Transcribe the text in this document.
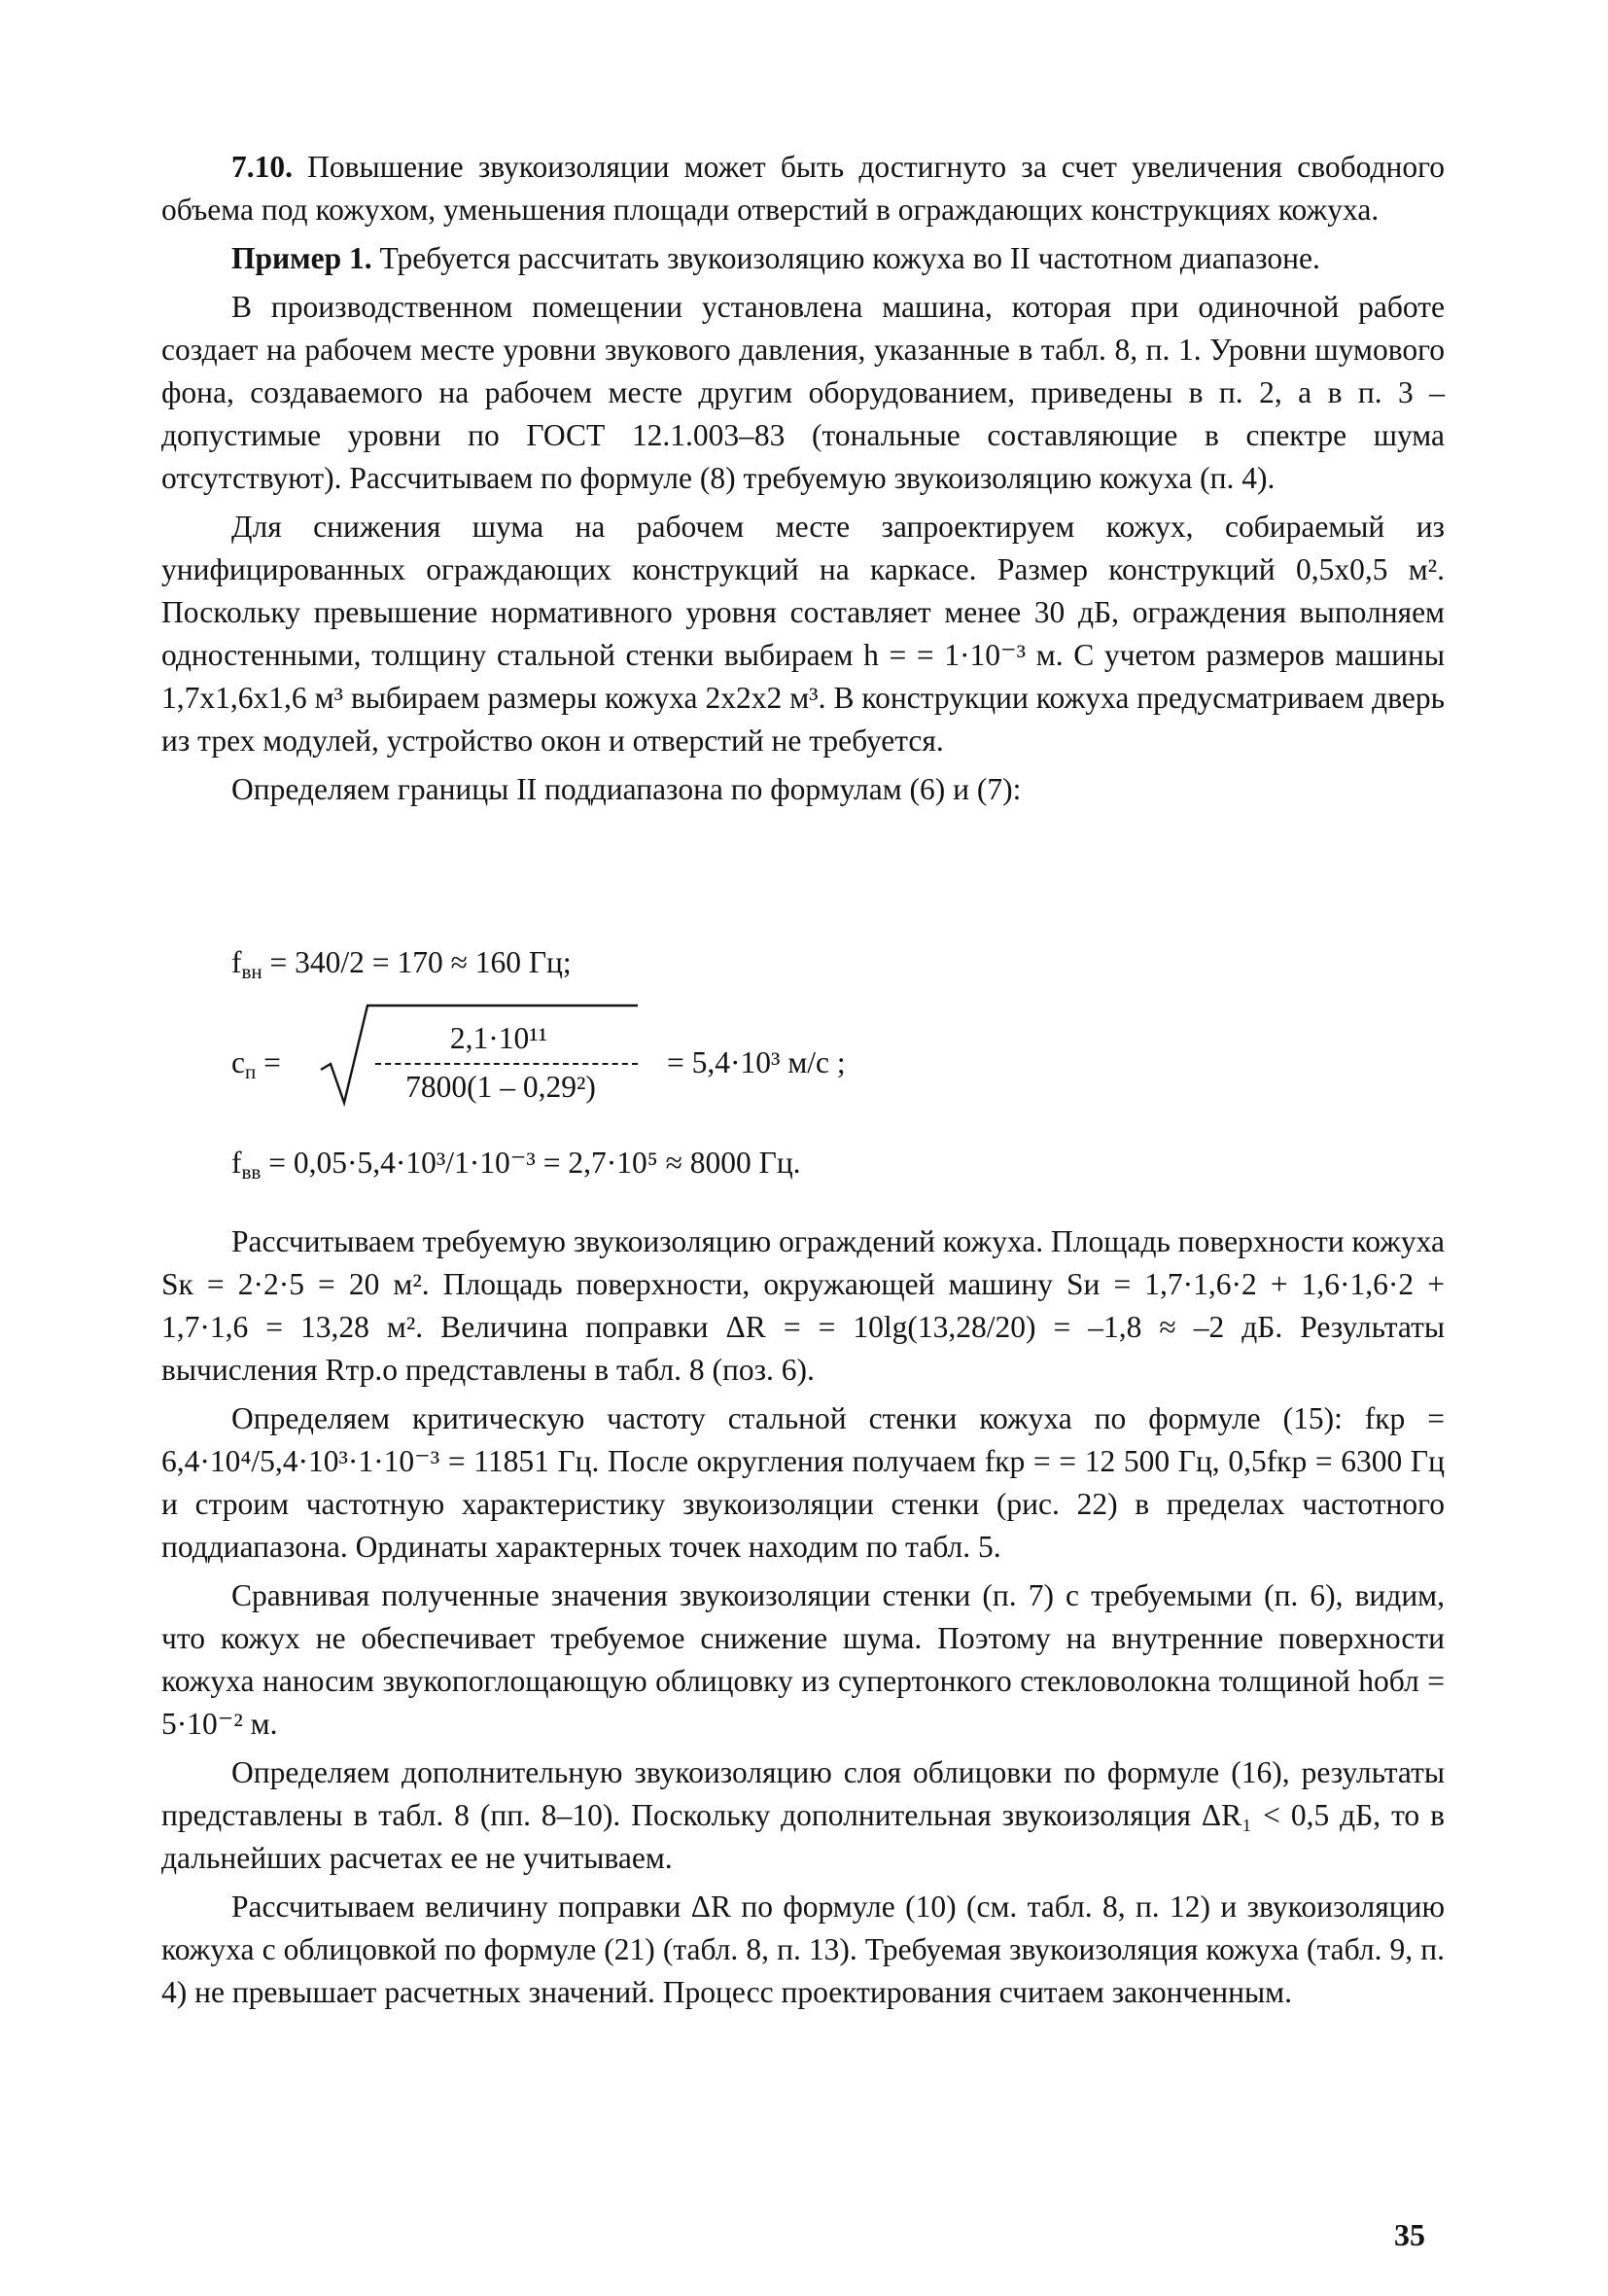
7.10. Повышение звукоизоляции может быть достигнуто за счет увеличения свободного объема под кожухом, уменьшения площади отверстий в ограждающих конструкциях кожуха.

Пример 1. Требуется рассчитать звукоизоляцию кожуха во II частотном диапазоне.

В производственном помещении установлена машина, которая при одиночной работе создает на рабочем месте уровни звукового давления, указанные в табл. 8, п. 1. Уровни шумового фона, создаваемого на рабочем месте другим оборудованием, приведены в п. 2, а в п. 3 – допустимые уровни по ГОСТ 12.1.003–83 (тональные составляющие в спектре шума отсутствуют). Рассчитываем по формуле (8) требуемую звукоизоляцию кожуха (п. 4).

Для снижения шума на рабочем месте запроектируем кожух, собираемый из унифицированных ограждающих конструкций на каркасе. Размер конструкций 0,5x0,5 м². Поскольку превышение нормативного уровня составляет менее 30 дБ, ограждения выполняем одностенными, толщину стальной стенки выбираем h = = 1·10⁻³ м. С учетом размеров машины 1,7x1,6x1,6 м³ выбираем размеры кожуха 2x2x2 м³. В конструкции кожуха предусматриваем дверь из трех модулей, устройство окон и отверстий не требуется.

Определяем границы II поддиапазона по формулам (6) и (7):

$f_{вн} = 340/2 = 170 \approx 160$ Гц;
$c_п$ =
2,1·10¹¹
7800(1 – 0,29²)
= 5,4·10³ м/с ;
$f_{вв} = 0,05\cdot 5,4\cdot 10^3/1\cdot 10^{-3} = 2,7\cdot 10^5 \approx 8000$ Гц.

Рассчитываем требуемую звукоизоляцию ограждений кожуха. Площадь поверхности кожуха Sк = 2·2·5 = 20 м². Площадь поверхности, окружающей машину Sи = 1,7·1,6·2 + 1,6·1,6·2 + 1,7·1,6 = 13,28 м². Величина поправки ΔR = = 10lg(13,28/20) = –1,8 ≈ –2 дБ. Результаты вычисления Rтр.о представлены в табл. 8 (поз. 6).

Определяем критическую частоту стальной стенки кожуха по формуле (15): fкр = 6,4·10⁴/5,4·10³·1·10⁻³ = 11851 Гц. После округления получаем fкр = = 12 500 Гц, 0,5fкр = 6300 Гц и строим частотную характеристику звукоизоляции стенки (рис. 22) в пределах частотного поддиапазона. Ординаты характерных точек находим по табл. 5.

Сравнивая полученные значения звукоизоляции стенки (п. 7) с требуемыми (п. 6), видим, что кожух не обеспечивает требуемое снижение шума. Поэтому на внутренние поверхности кожуха наносим звукопоглощающую облицовку из супертонкого стекловолокна толщиной hобл = 5·10⁻² м.

Определяем дополнительную звукоизоляцию слоя облицовки по формуле (16), результаты представлены в табл. 8 (пп. 8–10). Поскольку дополнительная звукоизоляция ΔR₁ < 0,5 дБ, то в дальнейших расчетах ее не учитываем.

Рассчитываем величину поправки ΔR по формуле (10) (см. табл. 8, п. 12) и звукоизоляцию кожуха с облицовкой по формуле (21) (табл. 8, п. 13). Требуемая звукоизоляция кожуха (табл. 9, п. 4) не превышает расчетных значений. Процесс проектирования считаем законченным.

35
